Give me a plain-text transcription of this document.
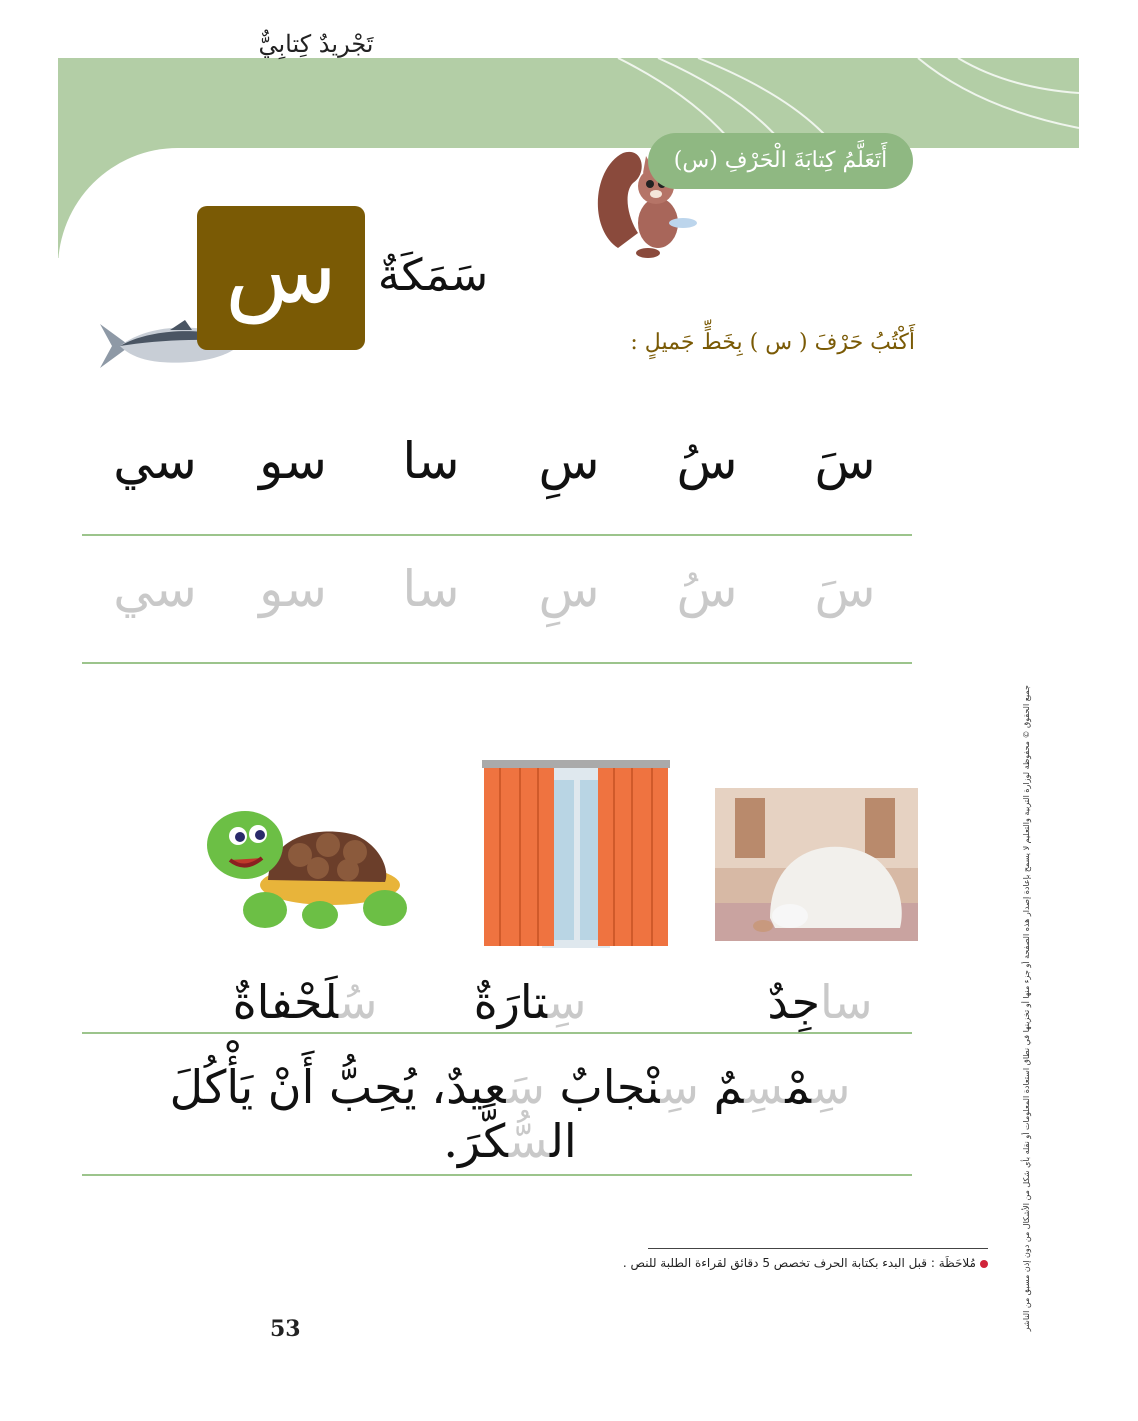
تَجْريدٌ كِتابِيٌّ
أَتَعَلَّمُ كِتابَةَ الْحَرْفِ (س)
س سَمَكَةٌ
أَكْتُبُ حَرْفَ ( س ) بِخَطٍّ جَميلٍ :
سَ
سُ
سِ
سا
سو
سي
سَ
سُ
سِ
سا
سو
سي
ساجِدٌ
سِتارَةٌ
سُلَحْفاةٌ
سِمْسِمٌ سِنْجابٌ سَعيدٌ، يُحِبُّ أَنْ يَأْكُلَ السُّكَّرَ.
مُلاحَظَة : قبل البدء بكتابة الحرف تخصص 5 دقائق لقراءة الطلبة للنص .
53	جميع الحقوق © محفوظة لوزارة التربية والتعليم لا يسمح بإعادة إصدار هذه الصفحة أو جزء منها أو تخزينها في نطاق استعادة المعلومات أو نقله بأي شكل من الأشكال من دون إذن مسبق من الناشر
